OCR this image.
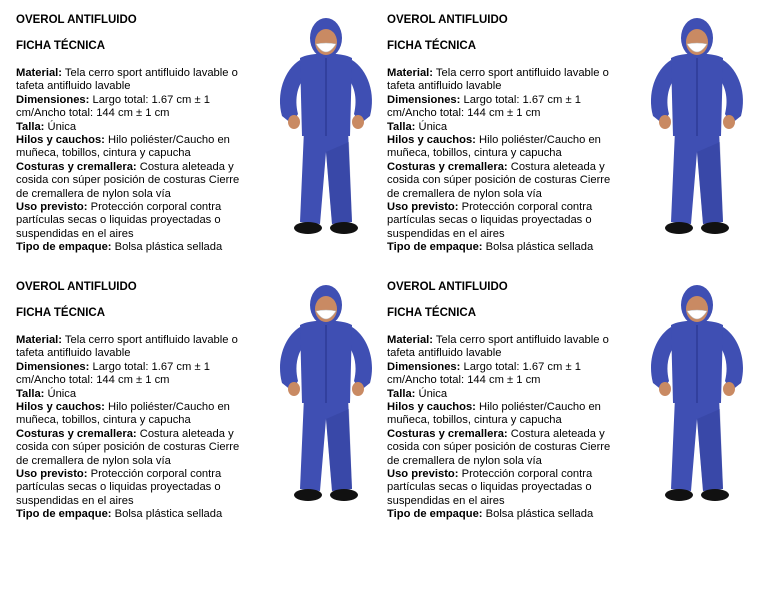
OVEROL ANTIFLUIDO

FICHA TÉCNICA

Material: Tela cerro sport antifluido lavable o tafeta antifluido lavable

Dimensiones: Largo total: 1.67 cm ± 1 cm/Ancho total: 144 cm ± 1 cm

Talla: Única

Hilos y cauchos: Hilo poliéster/Caucho en muñeca, tobillos, cintura y capucha

Costuras y cremallera: Costura aleteada y cosida con súper posición de costuras Cierre de cremallera de nylon sola vía

Uso previsto: Protección corporal contra partículas secas o liquidas proyectadas o suspendidas en el aires

Tipo de empaque: Bolsa plástica sellada

OVEROL ANTIFLUIDO

FICHA TÉCNICA

Material: Tela cerro sport antifluido lavable o tafeta antifluido lavable

Dimensiones: Largo total: 1.67 cm ± 1 cm/Ancho total: 144 cm ± 1 cm

Talla: Única

Hilos y cauchos: Hilo poliéster/Caucho en muñeca, tobillos, cintura y capucha

Costuras y cremallera: Costura aleteada y cosida con súper posición de costuras Cierre de cremallera de nylon sola vía

Uso previsto: Protección corporal contra partículas secas o liquidas proyectadas o suspendidas en el aires

Tipo de empaque: Bolsa plástica sellada

OVEROL ANTIFLUIDO

FICHA TÉCNICA

Material: Tela cerro sport antifluido lavable o tafeta antifluido lavable

Dimensiones: Largo total: 1.67 cm ± 1 cm/Ancho total: 144 cm ± 1 cm

Talla: Única

Hilos y cauchos: Hilo poliéster/Caucho en muñeca, tobillos, cintura y capucha

Costuras y cremallera: Costura aleteada y cosida con súper posición de costuras Cierre de cremallera de nylon sola vía

Uso previsto: Protección corporal contra partículas secas o liquidas proyectadas o suspendidas en el aires

Tipo de empaque: Bolsa plástica sellada

OVEROL ANTIFLUIDO

FICHA TÉCNICA

Material: Tela cerro sport antifluido lavable o tafeta antifluido lavable

Dimensiones: Largo total: 1.67 cm ± 1 cm/Ancho total: 144 cm ± 1 cm

Talla: Única

Hilos y cauchos: Hilo poliéster/Caucho en muñeca, tobillos, cintura y capucha

Costuras y cremallera: Costura aleteada y cosida con súper posición de costuras Cierre de cremallera de nylon sola vía

Uso previsto: Protección corporal contra partículas secas o liquidas proyectadas o suspendidas en el aires

Tipo de empaque: Bolsa plástica sellada
